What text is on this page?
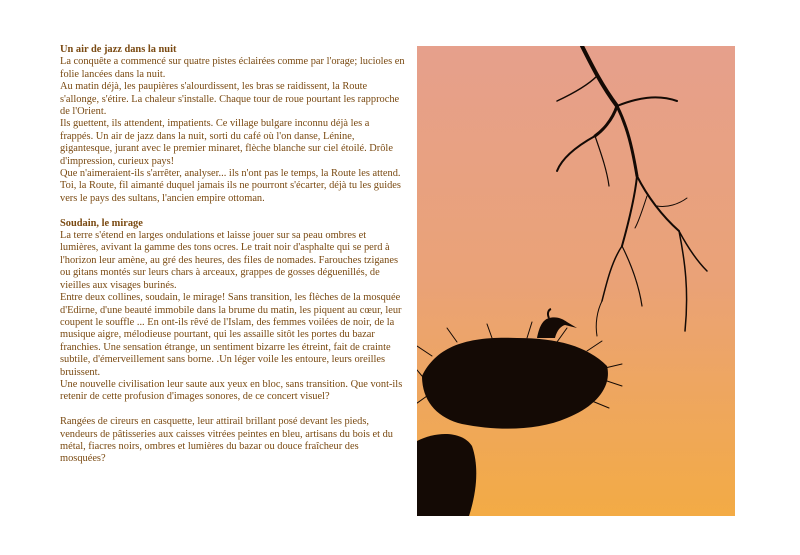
Un air de jazz dans la nuit

La conquête a commencé sur quatre pistes éclairées comme par l'orage; lucioles en folie lancées dans la nuit.

Au matin déjà, les paupières s'alourdissent, les bras se raidissent, la Route s'allonge, s'étire. La chaleur s'installe. Chaque tour de roue pourtant les rapproche de l'Orient.

Ils guettent, ils attendent, impatients. Ce village bulgare inconnu déjà les a frappés. Un air de jazz dans la nuit, sorti du café où l'on danse, Lénine, gigantesque, jurant avec le premier minaret, flèche blanche sur ciel étoilé. Drôle d'impression, curieux pays!

Que n'aimeraient-ils s'arrêter, analyser... ils n'ont pas le temps, la Route les attend.

Toi, la Route, fil aimanté duquel jamais ils ne pourront s'écarter, déjà tu les guides vers le pays des sultans, l'ancien empire ottoman.

Soudain, le mirage

La terre s'étend en larges ondulations et laisse jouer sur sa peau ombres et lumières, avivant la gamme des tons ocres. Le trait noir d'asphalte qui se perd à l'horizon leur amène, au gré des heures, des files de nomades. Farouches tziganes ou gitans montés sur leurs chars à arceaux, grappes de gosses déguenillés, de vieilles aux visages burinés.

Entre deux collines, soudain, le mirage! Sans transition, les flèches de la mosquée d'Edirne, d'une beauté immobile dans la brume du matin, les piquent au cœur, leur coupent le souffle ... En ont-ils rêvé de l'Islam, des femmes voilées de noir, de la musique aigre, mélodieuse pourtant, qui les assaille sitôt les portes du bazar franchies. Une sensation étrange, un sentiment bizarre les étreint, fait de crainte subtile, d'émerveillement sans borne. .Un léger voile les entoure, leurs oreilles bruissent.

Une nouvelle civilisation leur saute aux yeux en bloc, sans transition. Que vont-ils retenir de cette profusion d'images sonores, de ce concert visuel?

Rangées de cireurs en casquette, leur attirail brillant posé devant les pieds, vendeurs de pâtisseries aux caisses vitrées peintes en bleu, artisans du bois et du métal, fiacres noirs, ombres et lumières du bazar ou douce fraîcheur des mosquées?
